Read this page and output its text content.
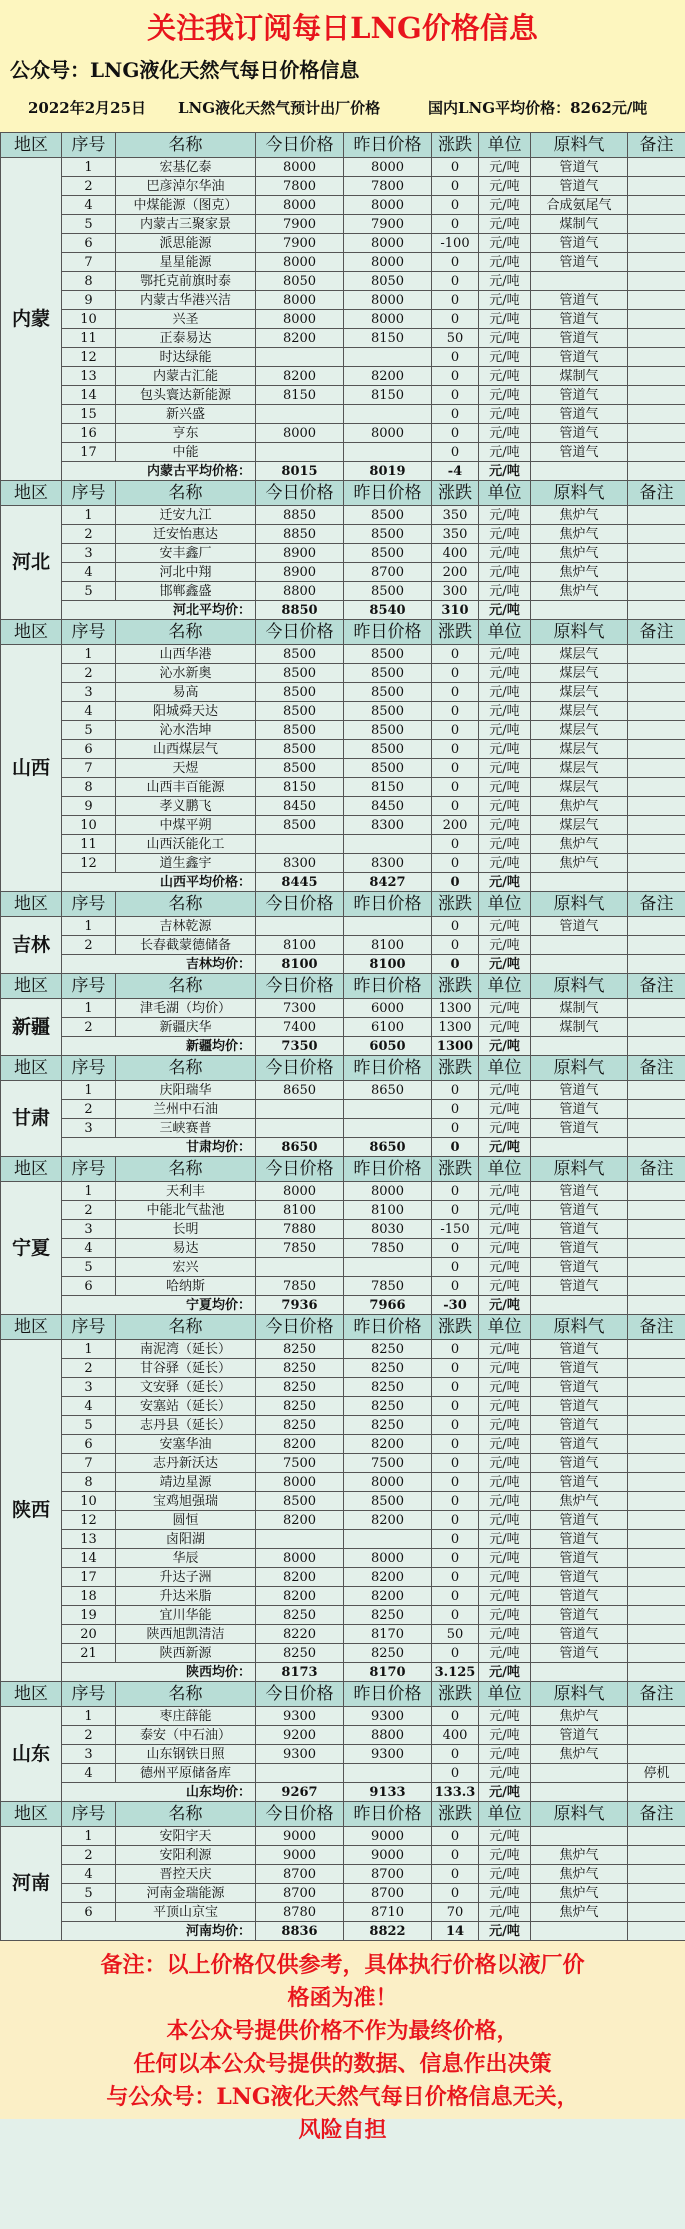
关注我订阅每日LNG价格信息
公众号：LNG液化天然气每日价格信息
2022年2月25日 LNG液化天然气预计出厂价格	国内LNG平均价格：8262元/吨
地区	序号	名称	今日价格	昨日价格	涨跌	单位	原料气	备注
内蒙	1	宏基亿泰	8000	8000	0	元/吨	管道气	
	2	巴彦淖尔华油	7800	7800	0	元/吨	管道气	
	4	中煤能源（图克）	8000	8000	0	元/吨	合成氨尾气	
	5	内蒙古三聚家景	7900	7900	0	元/吨	煤制气	
	6	派思能源	7900	8000	-100	元/吨	管道气	
	7	星星能源	8000	8000	0	元/吨	管道气	
	8	鄂托克前旗时泰	8050	8050	0	元/吨		
	9	内蒙古华港兴洁	8000	8000	0	元/吨	管道气	
	10	兴圣	8000	8000	0	元/吨	管道气	
	11	正泰易达	8200	8150	50	元/吨	管道气	
	12	时达绿能			0	元/吨	管道气	
	13	内蒙古汇能	8200	8200	0	元/吨	煤制气	
	14	包头寰达新能源	8150	8150	0	元/吨	管道气	
	15	新兴盛			0	元/吨	管道气	
	16	亨东	8000	8000	0	元/吨	管道气	
	17	中能			0	元/吨	管道气	
	内蒙古平均价格：		8015	8019	-4	元/吨		
地区	序号	名称	今日价格	昨日价格	涨跌	单位	原料气	备注
河北	1	迁安九江	8850	8500	350	元/吨	焦炉气	
	2	迁安怡惠达	8850	8500	350	元/吨	焦炉气	
	3	安丰鑫厂	8900	8500	400	元/吨	焦炉气	
	4	河北中翔	8900	8700	200	元/吨	焦炉气	
	5	邯郸鑫盛	8800	8500	300	元/吨	焦炉气	
	河北平均价：		8850	8540	310	元/吨		
地区	序号	名称	今日价格	昨日价格	涨跌	单位	原料气	备注
山西	1	山西华港	8500	8500	0	元/吨	煤层气	
	2	沁水新奥	8500	8500	0	元/吨	煤层气	
	3	易高	8500	8500	0	元/吨	煤层气	
	4	阳城舜天达	8500	8500	0	元/吨	煤层气	
	5	沁水浩坤	8500	8500	0	元/吨	煤层气	
	6	山西煤层气	8500	8500	0	元/吨	煤层气	
	7	天煜	8500	8500	0	元/吨	煤层气	
	8	山西丰百能源	8150	8150	0	元/吨	煤层气	
	9	孝义鹏飞	8450	8450	0	元/吨	焦炉气	
	10	中煤平朔	8500	8300	200	元/吨	煤层气	
	11	山西沃能化工			0	元/吨	焦炉气	
	12	道生鑫宇	8300	8300	0	元/吨	焦炉气	
	山西平均价格：		8445	8427	0	元/吨		
地区	序号	名称	今日价格	昨日价格	涨跌	单位	原料气	备注
吉林	1	吉林乾源			0	元/吨	管道气	
	2	长春截蒙德储备	8100	8100	0	元/吨		
	吉林均价：		8100	8100	0	元/吨		
地区	序号	名称	今日价格	昨日价格	涨跌	单位	原料气	备注
新疆	1	津毛湖（均价）	7300	6000	1300	元/吨	煤制气	
	2	新疆庆华	7400	6100	1300	元/吨	煤制气	
	新疆均价：		7350	6050	1300	元/吨		
地区	序号	名称	今日价格	昨日价格	涨跌	单位	原料气	备注
甘肃	1	庆阳瑞华	8650	8650	0	元/吨	管道气	
	2	兰州中石油			0	元/吨	管道气	
	3	三峡赛普			0	元/吨	管道气	
	甘肃均价：		8650	8650	0	元/吨		
地区	序号	名称	今日价格	昨日价格	涨跌	单位	原料气	备注
宁夏	1	天利丰	8000	8000	0	元/吨	管道气	
	2	中能北气盐池	8100	8100	0	元/吨	管道气	
	3	长明	7880	8030	-150	元/吨	管道气	
	4	易达	7850	7850	0	元/吨	管道气	
	5	宏兴			0	元/吨	管道气	
	6	哈纳斯	7850	7850	0	元/吨	管道气	
	宁夏均价：		7936	7966	-30	元/吨		
地区	序号	名称	今日价格	昨日价格	涨跌	单位	原料气	备注
陕西	1	南泥湾（延长）	8250	8250	0	元/吨	管道气	
	2	甘谷驿（延长）	8250	8250	0	元/吨	管道气	
	3	文安驿（延长）	8250	8250	0	元/吨	管道气	
	4	安塞站（延长）	8250	8250	0	元/吨	管道气	
	5	志丹县（延长）	8250	8250	0	元/吨	管道气	
	6	安塞华油	8200	8200	0	元/吨	管道气	
	7	志丹新沃达	7500	7500	0	元/吨	管道气	
	8	靖边星源	8000	8000	0	元/吨	管道气	
	10	宝鸡旭强瑞	8500	8500	0	元/吨	焦炉气	
	12	圆恒	8200	8200	0	元/吨	管道气	
	13	卤阳湖			0	元/吨	管道气	
	14	华辰	8000	8000	0	元/吨	管道气	
	17	升达子洲	8200	8200	0	元/吨	管道气	
	18	升达米脂	8200	8200	0	元/吨	管道气	
	19	宜川华能	8250	8250	0	元/吨	管道气	
	20	陕西旭凯清洁	8220	8170	50	元/吨	管道气	
	21	陕西新源	8250	8250	0	元/吨	管道气	
	陕西均价：		8173	8170	3.125	元/吨		
地区	序号	名称	今日价格	昨日价格	涨跌	单位	原料气	备注
山东	1	枣庄薛能	9300	9300	0	元/吨	焦炉气	
	2	泰安（中石油）	9200	8800	400	元/吨	管道气	
	3	山东钢铁日照	9300	9300	0	元/吨	焦炉气	
	4	德州平原储备库			0	元/吨		停机
	山东均价：		9267	9133	133.3	元/吨		
地区	序号	名称	今日价格	昨日价格	涨跌	单位	原料气	备注
河南	1	安阳宇天	9000	9000	0	元/吨		
	2	安阳利源	9000	9000	0	元/吨	焦炉气	
	4	晋控天庆	8700	8700	0	元/吨	焦炉气	
	5	河南金瑞能源	8700	8700	0	元/吨	焦炉气	
	6	平顶山京宝	8780	8710	70	元/吨	焦炉气	
	河南均价：		8836	8822	14	元/吨		
备注：以上价格仅供参考，具体执行价格以液厂价
格函为准！
本公众号提供价格不作为最终价格，
任何以本公众号提供的数据、信息作出决策
与公众号：LNG液化天然气每日价格信息无关，
风险自担
